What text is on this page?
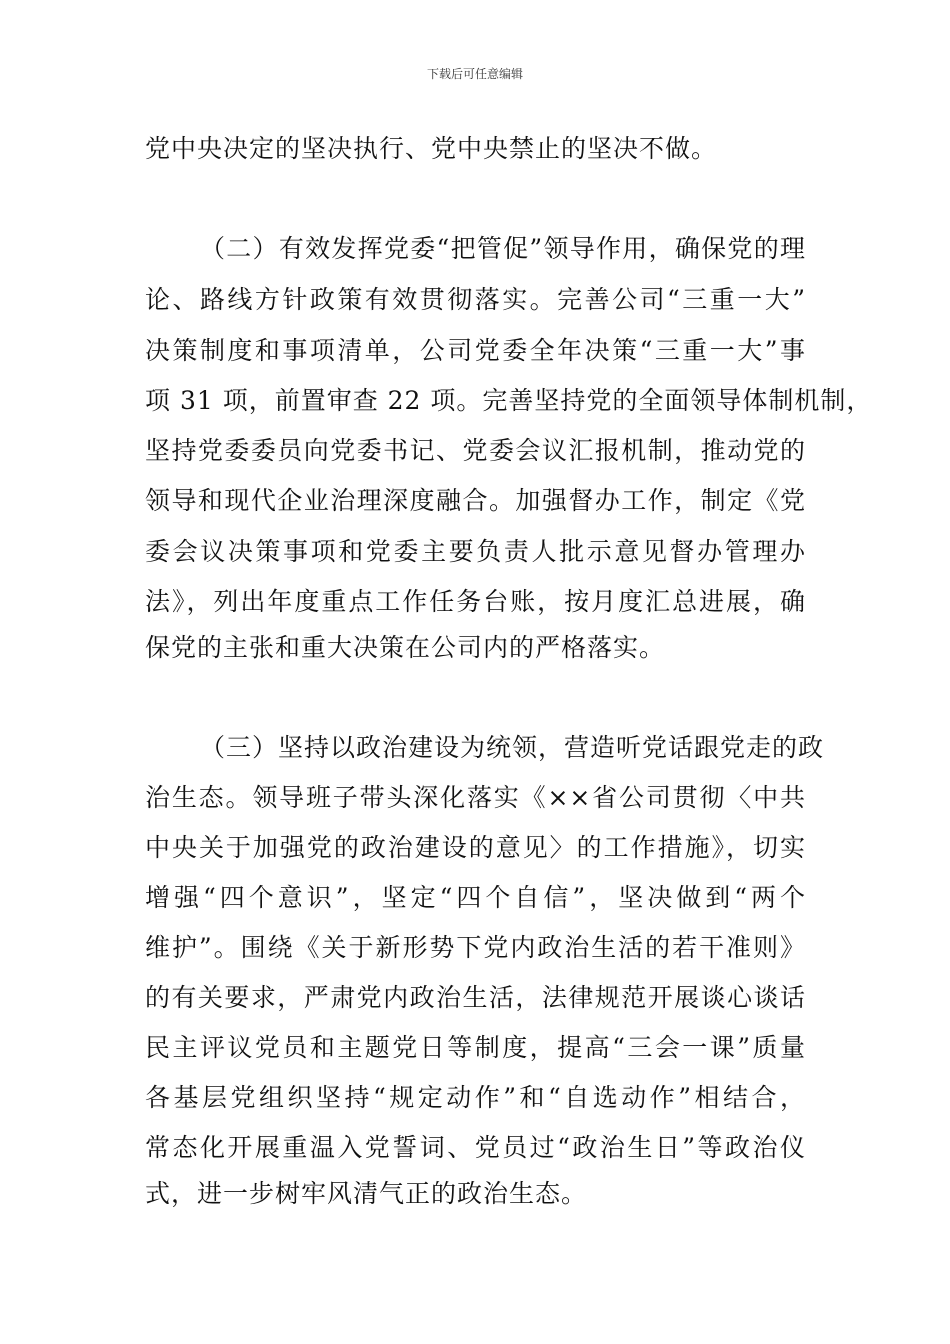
下载后可任意编辑
党中央决定的坚决执行、党中央禁止的坚决不做。
（二）有效发挥党委“把管促”领导作用，确保党的理
论、路线方针政策有效贯彻落实。完善公司“三重一大”
决策制度和事项清单，公司党委全年决策“三重一大”事
项 31 项，前置审查 22 项。完善坚持党的全面领导体制机制，
坚持党委委员向党委书记、党委会议汇报机制，推动党的
领导和现代企业治理深度融合。加强督办工作，制定《党
委会议决策事项和党委主要负责人批示意见督办管理办
法》，列出年度重点工作任务台账，按月度汇总进展，确
保党的主张和重大决策在公司内的严格落实。
（三）坚持以政治建设为统领，营造听党话跟党走的政
治生态。领导班子带头深化落实《××省公司贯彻〈中共
中央关于加强党的政治建设的意见〉的工作措施》，切实
增强“四个意识”，坚定“四个自信”，坚决做到“两个
维护”。围绕《关于新形势下党内政治生活的若干准则》
的有关要求，严肃党内政治生活，法律规范开展谈心谈话
民主评议党员和主题党日等制度，提高“三会一课”质量
各基层党组织坚持“规定动作”和“自选动作”相结合，
常态化开展重温入党誓词、党员过“政治生日”等政治仪
式，进一步树牢风清气正的政治生态。
